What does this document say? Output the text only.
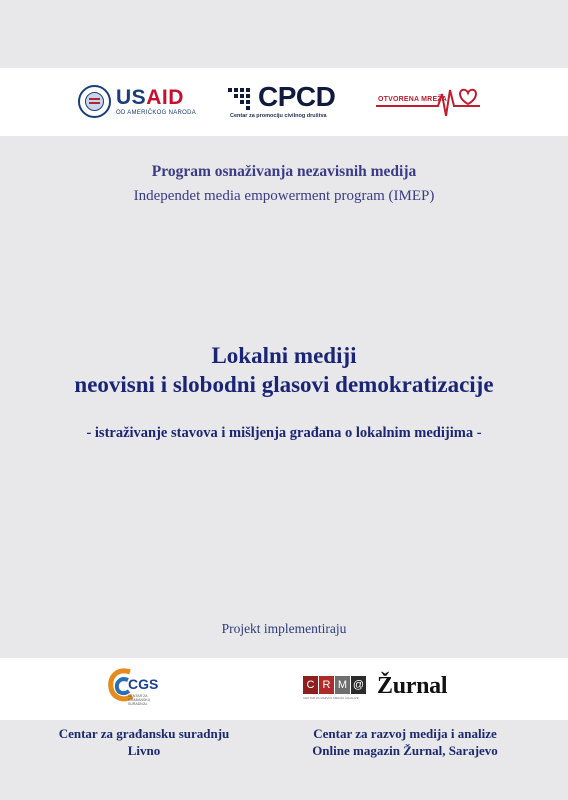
USAID
OD AMERIČKOG NARODA
CPCD
Centar za promociju civilnog društva
OTVORENA MREŽA
Program osnaživanja nezavisnih medija
Independet media empowerment program (IMEP)
Lokalni mediji
neovisni i slobodni glasovi demokratizacije
- istraživanje stavova i mišljenja građana o lokalnim medijima -
Projekt implementiraju
CGS
CENTAR ZA GRAĐANSKU SURADNJU
C R M @
CENTAR ZA RAZVOJ MEDIJA I ANALIZE Žurnal
Centar za građansku suradnju
Livno
Centar za razvoj medija i analize
Online magazin Žurnal, Sarajevo
